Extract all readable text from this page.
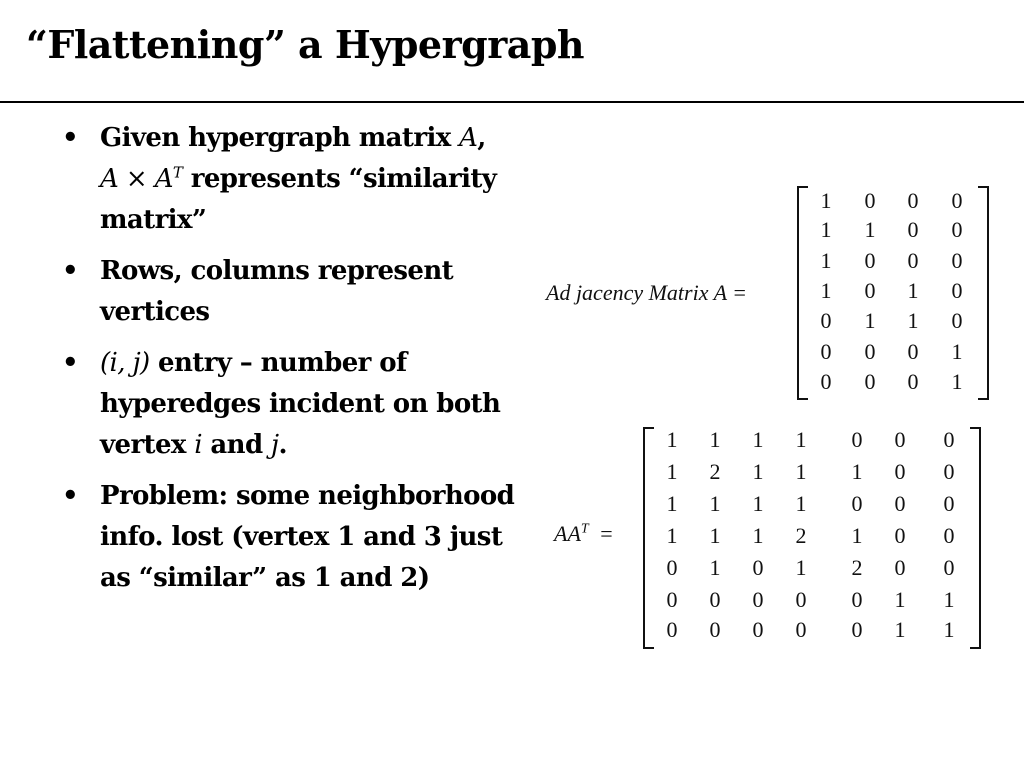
“Flattening” a Hypergraph
• Given hypergraph matrix A,
$A \times A^T$ represents “similarity matrix”
• Rows, columns represent vertices
• (i, j) entry – number of hyperedges incident on both vertex i and j.
• Problem: some neighborhood info. lost (vertex 1 and 3 just as “similar” as 1 and 2)
Ad jacency Matrix A =
1	0	0	0
1	1	0	0
1	0	0	0
1	0	1	0
0	1	1	0
0	0	0	1
0	0	0	1
$AA^T$ =
1	1	1	1	0	0	0
1	2	1	1	1	0	0
1	1	1	1	0	0	0
1	1	1	2	1	0	0
0	1	0	1	2	0	0
0	0	0	0	0	1	1
0	0	0	0	0	1	1
